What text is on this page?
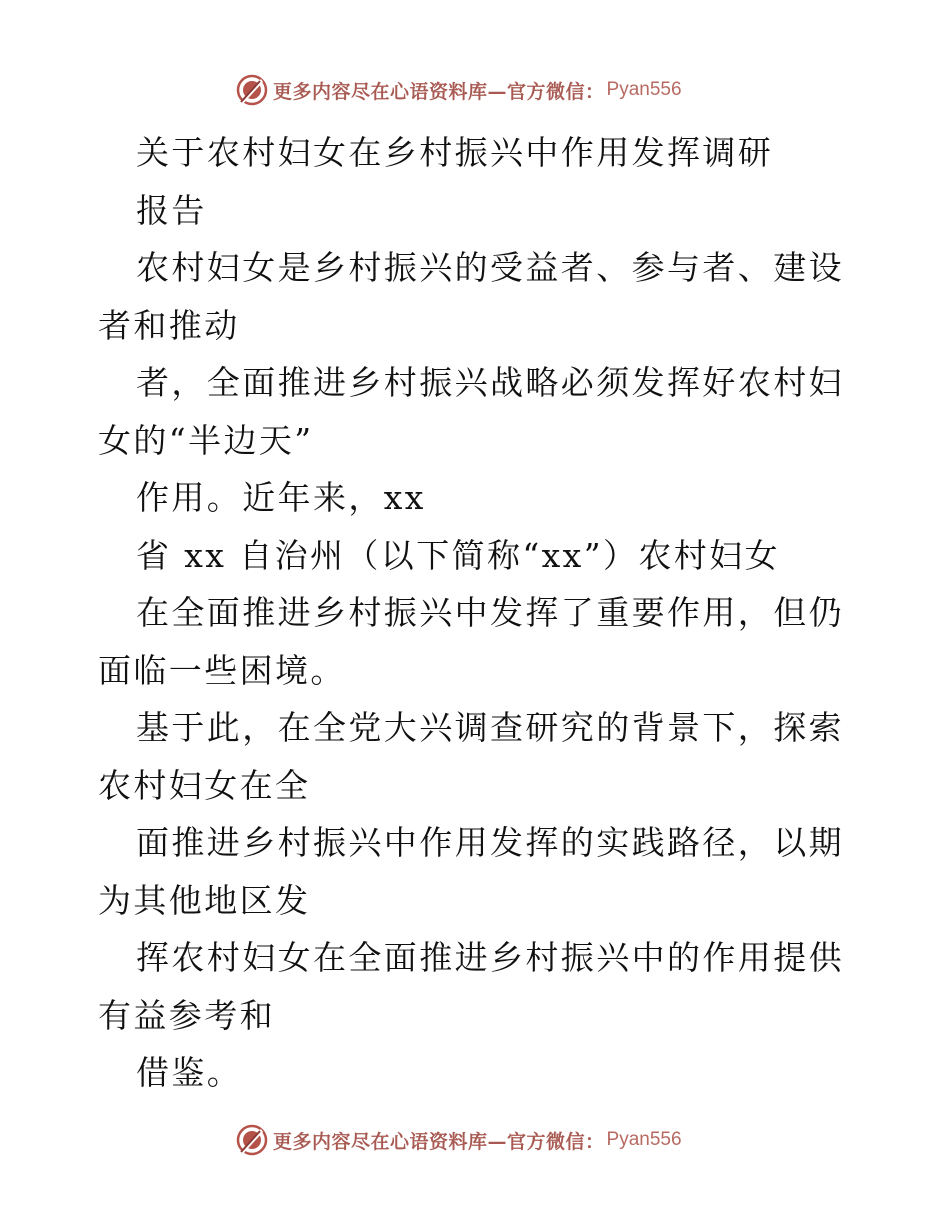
更多内容尽在心语资料库—官方微信： Pyan556

关于农村妇女在乡村振兴中作用发挥调研

报告

农村妇女是乡村振兴的受益者、参与者、建设者和推动

者，全面推进乡村振兴战略必须发挥好农村妇女的“半边天”

作用。近年来，xx

省 xx 自治州（以下简称“xx”）农村妇女

在全面推进乡村振兴中发挥了重要作用，但仍面临一些困境。

基于此，在全党大兴调查研究的背景下，探索农村妇女在全

面推进乡村振兴中作用发挥的实践路径，以期为其他地区发

挥农村妇女在全面推进乡村振兴中的作用提供有益参考和

借鉴。

更多内容尽在心语资料库—官方微信： Pyan556
